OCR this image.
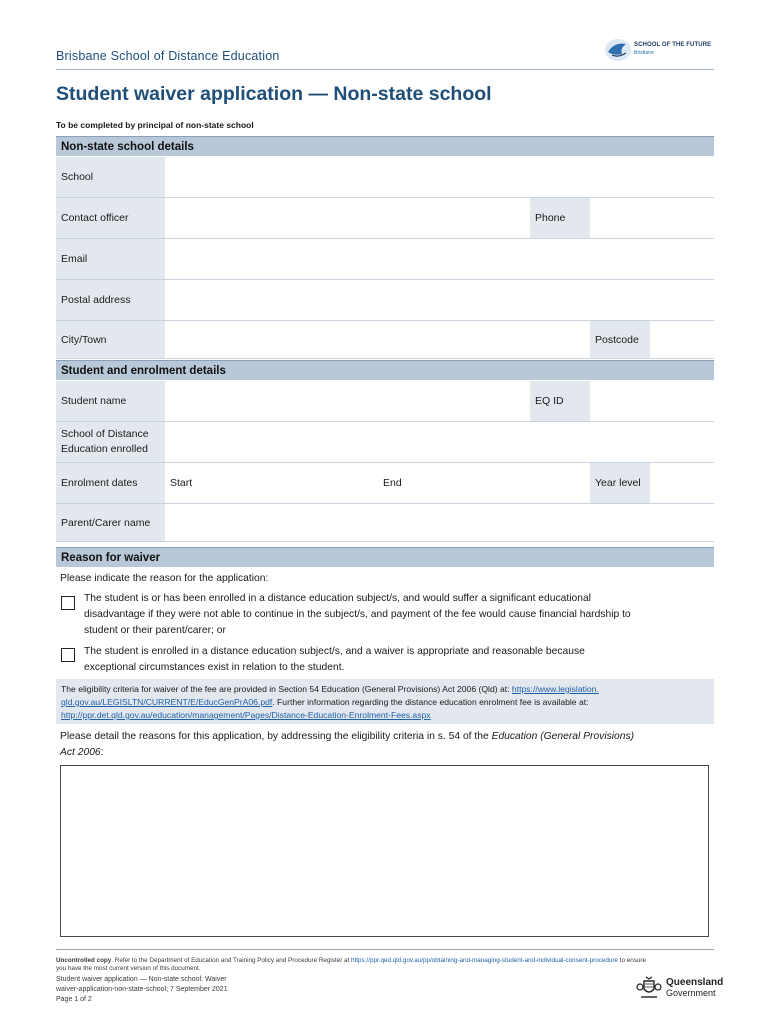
Brisbane School of Distance Education
SCHOOL OF THE FUTURE
Brisbane
Student waiver application — Non-state school
To be completed by principal of non-state school
Non-state school details
School
Contact officer	Phone
Email
Postal address
City/Town	Postcode
Student and enrolment details
Student name	EQ ID
School of Distance
Education enrolled
Enrolment dates	Start	End	Year level
Parent/Carer name
Reason for waiver
Please indicate the reason for the application:
The student is or has been enrolled in a distance education subject/s, and would suffer a significant educational
disadvantage if they were not able to continue in the subject/s, and payment of the fee would cause financial hardship to
student or their parent/carer; or
The student is enrolled in a distance education subject/s, and a waiver is appropriate and reasonable because
exceptional circumstances exist in relation to the student.
The eligibility criteria for waiver of the fee are provided in Section 54 Education (General Provisions) Act 2006 (Qld) at: https://www.legislation.
qld.gov.au/LEGISLTN/CURRENT/E/EducGenPrA06.pdf. Further information regarding the distance education enrolment fee is available at:
http://ppr.det.qld.gov.au/education/management/Pages/Distance-Education-Enrolment-Fees.aspx
Please detail the reasons for this application, by addressing the eligibility criteria in s. 54 of the Education (General Provisions)
Act 2006:
Uncontrolled copy. Refer to the Department of Education and Training Policy and Procedure Register at https://ppr.qed.qld.gov.au/pp/obtaining-and-managing-student-and-individual-consent-procedure to ensure
you have the most current version of this document.
Student waiver application — Non-state school: Waiver
waiver-application-non-state-school; 7 September 2021
Page 1 of 2
Queensland
Government
